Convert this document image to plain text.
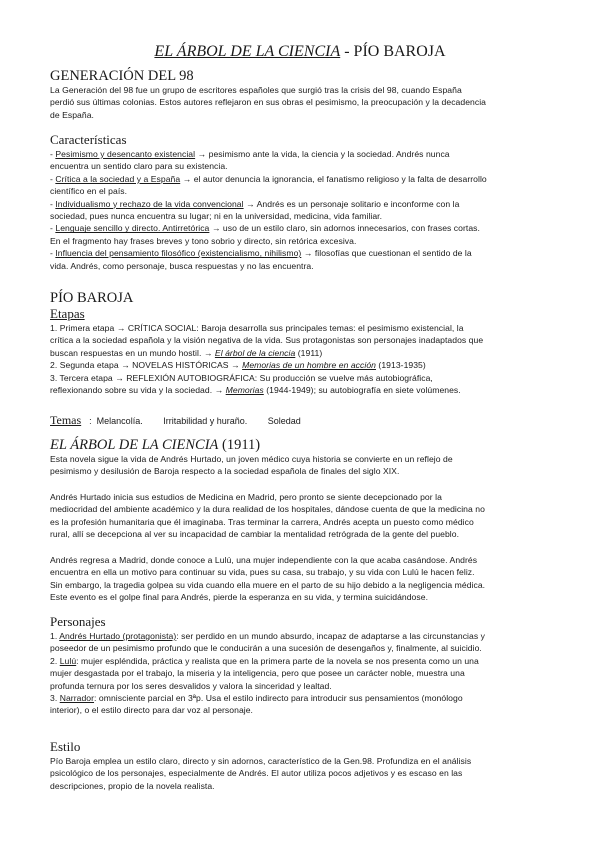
EL ÁRBOL DE LA CIENCIA - PÍO BAROJA
GENERACIÓN DEL 98
La Generación del 98 fue un grupo de escritores españoles que surgió tras la crisis del 98, cuando España
perdió sus últimas colonias. Estos autores reflejaron en sus obras el pesimismo, la preocupación y la decadencia
de España.
Características
- Pesimismo y desencanto existencial → pesimismo ante la vida, la ciencia y la sociedad. Andrés nunca
encuentra un sentido claro para su existencia.
- Crítica a la sociedad y a España → el autor denuncia la ignorancia, el fanatismo religioso y la falta de desarrollo
científico en el país.
- Individualismo y rechazo de la vida convencional → Andrés es un personaje solitario e inconforme con la
sociedad, pues nunca encuentra su lugar; ni en la universidad, medicina, vida familiar.
- Lenguaje sencillo y directo. Antirretórica → uso de un estilo claro, sin adornos innecesarios, con frases cortas.
En el fragmento hay frases breves y tono sobrio y directo, sin retórica excesiva.
- Influencia del pensamiento filosófico (existencialismo, nihilismo) → filosofías que cuestionan el sentido de la
vida. Andrés, como personaje, busca respuestas y no las encuentra.
PÍO BAROJA
Etapas
1. Primera etapa → CRÍTICA SOCIAL: Baroja desarrolla sus principales temas: el pesimismo existencial, la
crítica a la sociedad española y la visión negativa de la vida. Sus protagonistas son personajes inadaptados que
buscan respuestas en un mundo hostil. → El árbol de la ciencia (1911)
2. Segunda etapa → NOVELAS HISTÓRICAS → Memorias de un hombre en acción (1913-1935)
3. Tercera etapa → REFLEXIÓN AUTOBIOGRÁFICA: Su producción se vuelve más autobiográfica,
reflexionando sobre su vida y la sociedad. → Memorias (1944-1949); su autobiografía en siete volúmenes.
Temas :  Melancolía. Irritabilidad y huraño. Soledad
EL ÁRBOL DE LA CIENCIA (1911)
Esta novela sigue la vida de Andrés Hurtado, un joven médico cuya historia se convierte en un reflejo de
pesimismo y desilusión de Baroja respecto a la sociedad española de finales del siglo XIX.
Andrés Hurtado inicia sus estudios de Medicina en Madrid, pero pronto se siente decepcionado por la
mediocridad del ambiente académico y la dura realidad de los hospitales, dándose cuenta de que la medicina no
es la profesión humanitaria que él imaginaba. Tras terminar la carrera, Andrés acepta un puesto como médico
rural, allí se decepciona al ver su incapacidad de cambiar la mentalidad retrógrada de la gente del pueblo.
Andrés regresa a Madrid, donde conoce a Lulú, una mujer independiente con la que acaba casándose. Andrés
encuentra en ella un motivo para continuar su vida, pues su casa, su trabajo, y su vida con Lulú le hacen feliz.
Sin embargo, la tragedia golpea su vida cuando ella muere en el parto de su hijo debido a la negligencia médica.
Este evento es el golpe final para Andrés, pierde la esperanza en su vida, y termina suicidándose.
Personajes
1. Andrés Hurtado (protagonista): ser perdido en un mundo absurdo, incapaz de adaptarse a las circunstancias y
poseedor de un pesimismo profundo que le conducirán a una sucesión de desengaños y, finalmente, al suicidio.
2. Lulú: mujer espléndida, práctica y realista que en la primera parte de la novela se nos presenta como un una
mujer desgastada por el trabajo, la miseria y la inteligencia, pero que posee un carácter noble, muestra una
profunda ternura por los seres desvalidos y valora la sinceridad y lealtad.
3. Narrador: omnisciente parcial en 3ªp. Usa el estilo indirecto para introducir sus pensamientos (monólogo
interior), o el estilo directo para dar voz al personaje.
Estilo
Pío Baroja emplea un estilo claro, directo y sin adornos, característico de la Gen.98. Profundiza en el análisis
psicológico de los personajes, especialmente de Andrés. El autor utiliza pocos adjetivos y es escaso en las
descripciones, propio de la novela realista.
